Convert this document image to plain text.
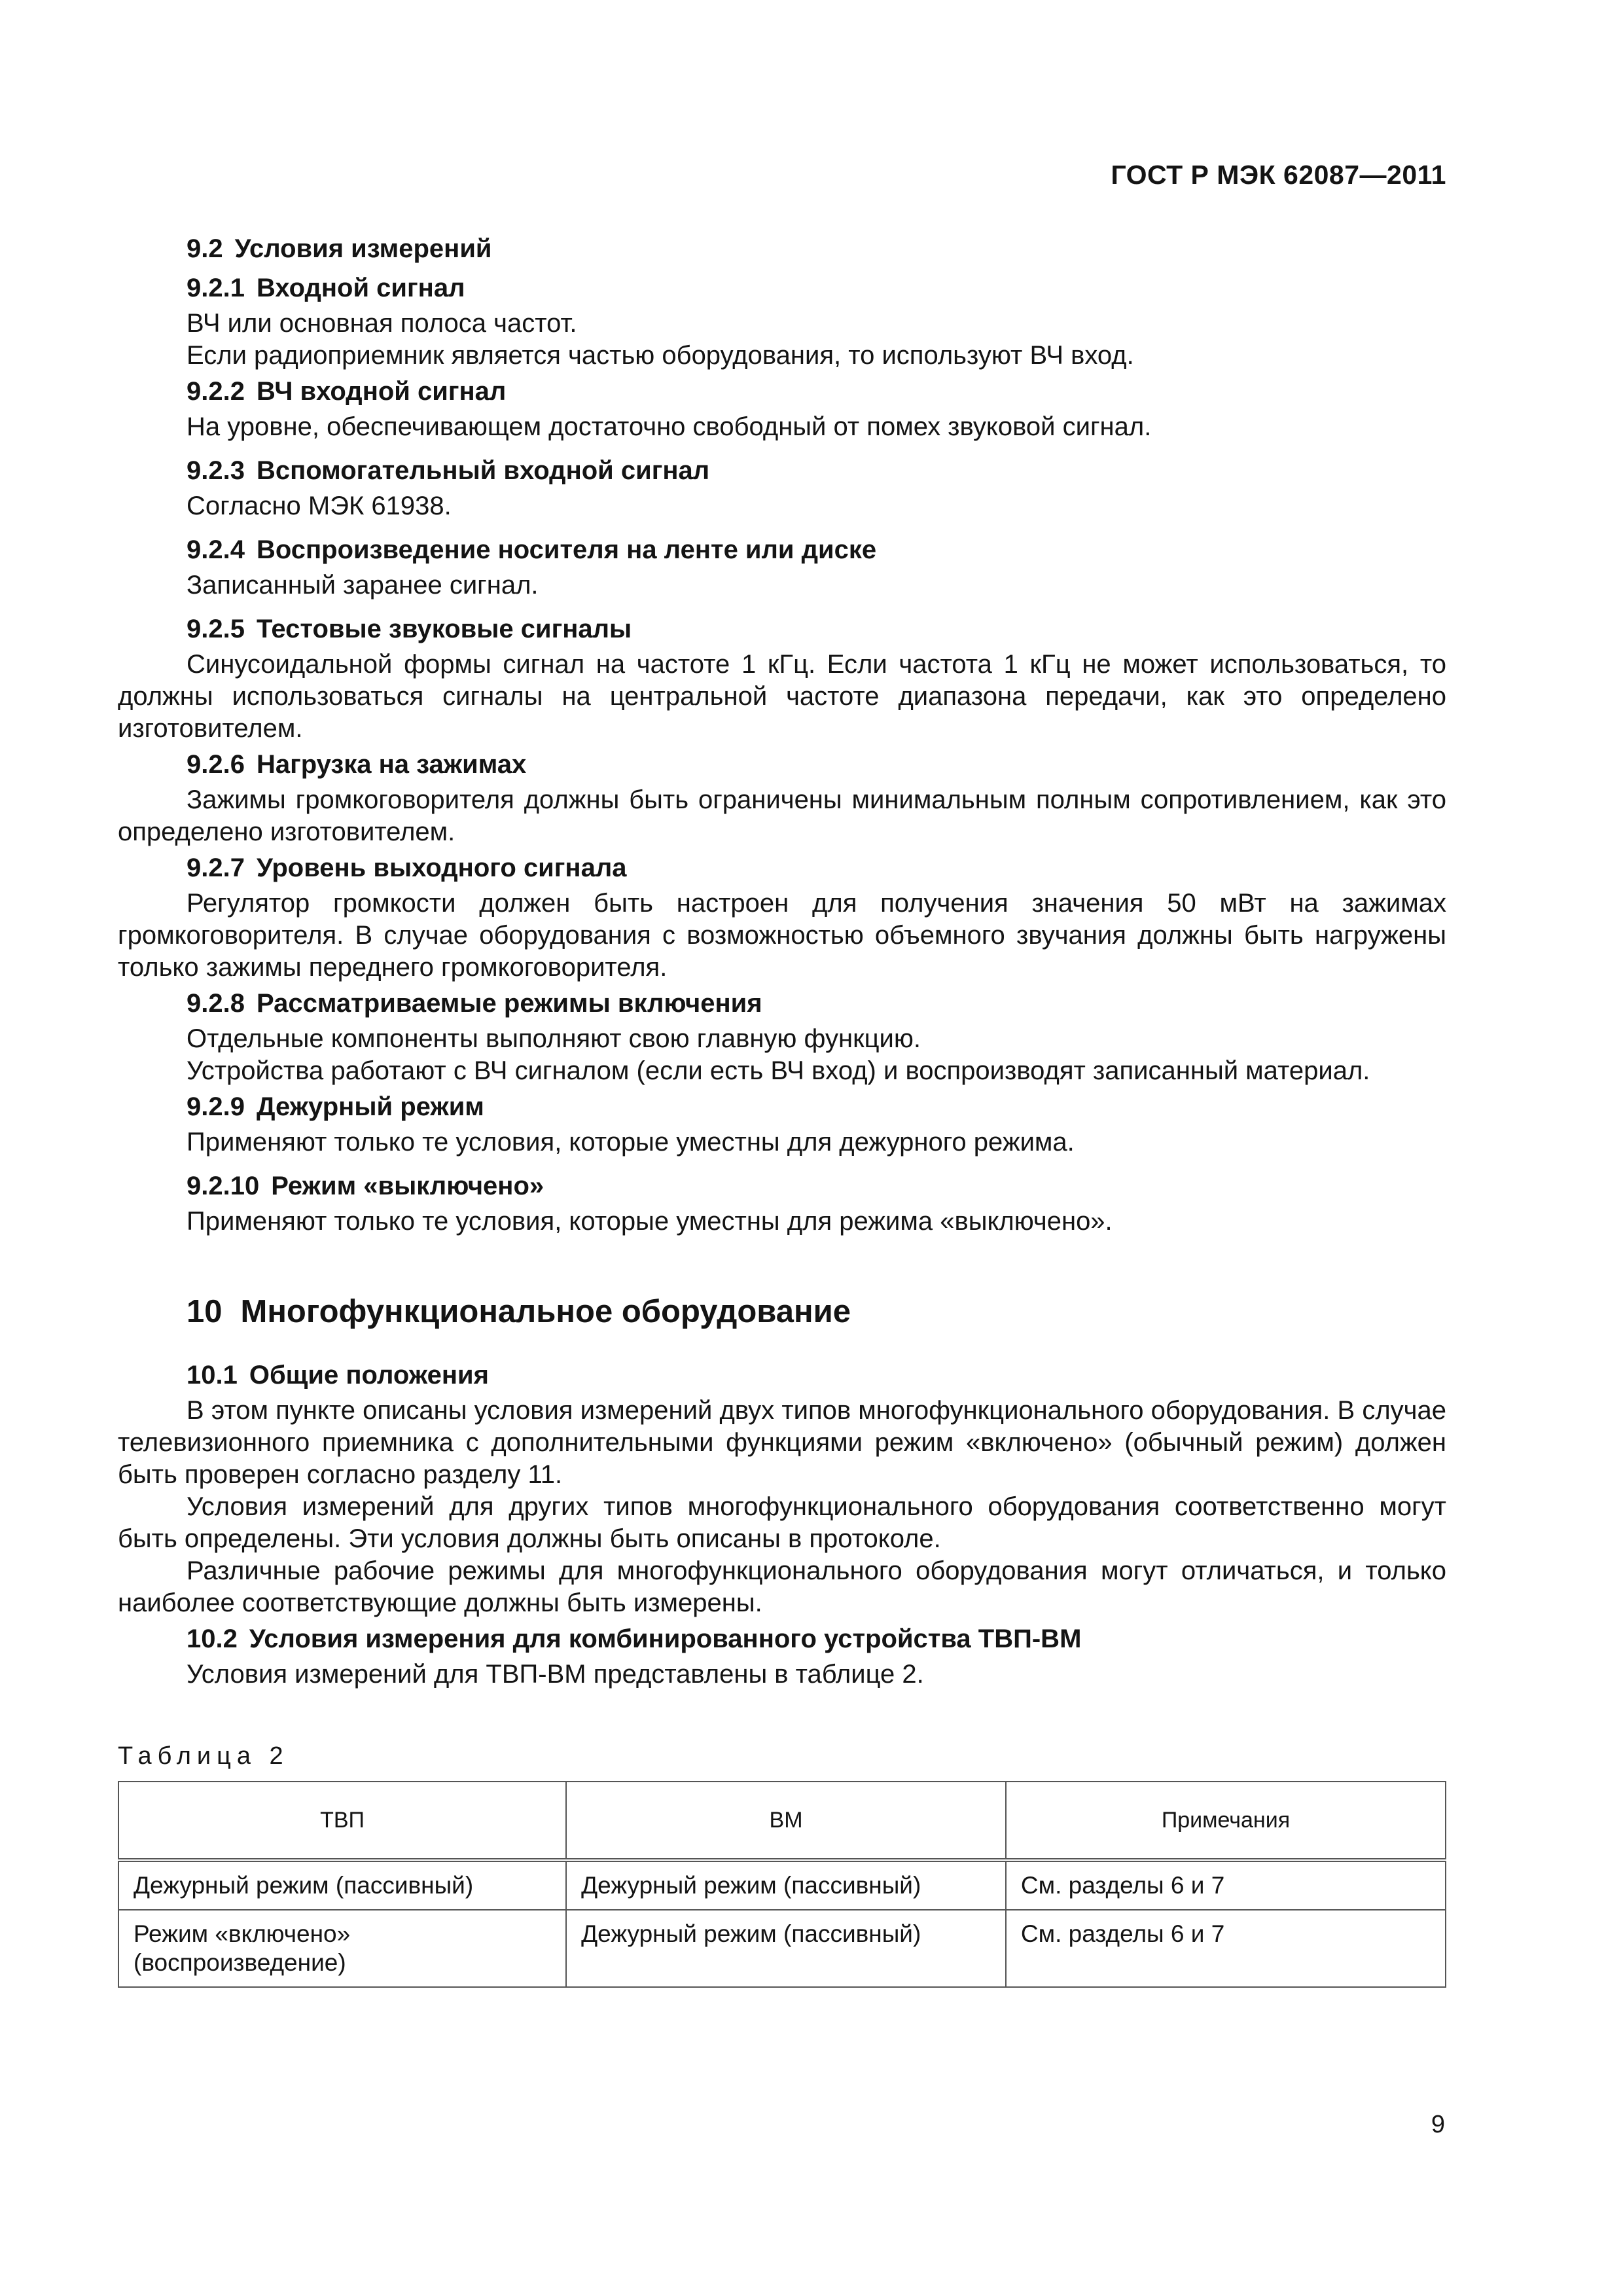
ГОСТ Р МЭК 62087—2011
9.2 Условия измерений
9.2.1 Входной сигнал

ВЧ или основная полоса частот.

Если радиоприемник является частью оборудования, то используют ВЧ вход.

9.2.2 ВЧ входной сигнал

На уровне, обеспечивающем достаточно свободный от помех звуковой сигнал.

9.2.3 Вспомогательный входной сигнал

Согласно МЭК 61938.

9.2.4 Воспроизведение носителя на ленте или диске

Записанный заранее сигнал.

9.2.5 Тестовые звуковые сигналы

Синусоидальной формы сигнал на частоте 1 кГц. Если частота 1 кГц не может использоваться, то должны использоваться сигналы на центральной частоте диапазона передачи, как это определено изготовителем.

9.2.6 Нагрузка на зажимах

Зажимы громкоговорителя должны быть ограничены минимальным полным сопротивлением, как это определено изготовителем.

9.2.7 Уровень выходного сигнала

Регулятор громкости должен быть настроен для получения значения 50 мВт на зажимах громкоговорителя. В случае оборудования с возможностью объемного звучания должны быть нагружены только зажимы переднего громкоговорителя.

9.2.8 Рассматриваемые режимы включения

Отдельные компоненты выполняют свою главную функцию.

Устройства работают с ВЧ сигналом (если есть ВЧ вход) и воспроизводят записанный материал.

9.2.9 Дежурный режим

Применяют только те условия, которые уместны для дежурного режима.

9.2.10 Режим «выключено»

Применяют только те условия, которые уместны для режима «выключено».

10 Многофункциональное оборудование
10.1 Общие положения

В этом пункте описаны условия измерений двух типов многофункционального оборудования. В случае телевизионного приемника с дополнительными функциями режим «включено» (обычный режим) должен быть проверен согласно разделу 11.

Условия измерений для других типов многофункционального оборудования соответственно могут быть определены. Эти условия должны быть описаны в протоколе.

Различные рабочие режимы для многофункционального оборудования могут отличаться, и только наиболее соответствующие должны быть измерены.

10.2 Условия измерения для комбинированного устройства ТВП-ВМ

Условия измерений для ТВП-ВМ представлены в таблице 2.

Таблица 2

ТВП	ВМ	Примечания
Дежурный режим (пассивный)	Дежурный режим (пассивный)	См. разделы 6 и 7
Режим «включено» (воспроизведение)	Дежурный режим (пассивный)	См. разделы 6 и 7
9
